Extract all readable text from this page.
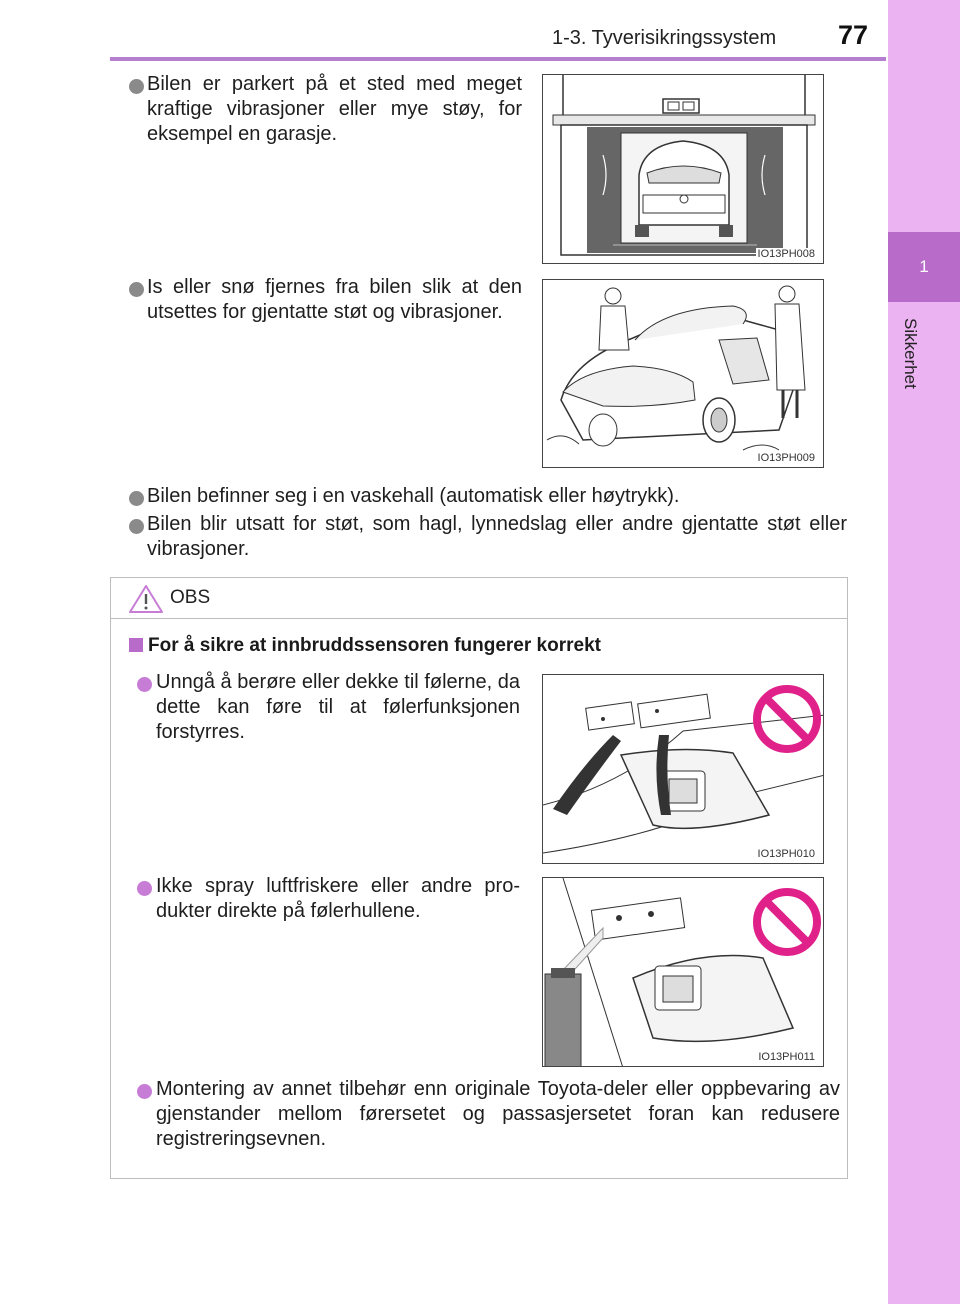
1-3. Tyverisikringssystem	77
1
Sikkerhet
Bilen er parkert på et sted med meget kraftige vibrasjoner eller mye støy, for eksempel en garasje.
IO13PH008
Is eller snø fjernes fra bilen slik at den utsettes for gjentatte støt og vibrasjoner.
IO13PH009
Bilen befinner seg i en vaskehall (automatisk eller høytrykk).
Bilen blir utsatt for støt, som hagl, lynnedslag eller andre gjentatte støt eller vibrasjoner.
OBS
For å sikre at innbruddssensoren fungerer korrekt
Unngå å berøre eller dekke til følerne, da dette kan føre til at følerfunksjonen forstyrres.
IO13PH010
Ikke spray luftfriskere eller andre pro-dukter direkte på følerhullene.
IO13PH011
Montering av annet tilbehør enn originale Toyota-deler eller oppbevaring av gjenstander mellom førersetet og passasjersetet foran kan redusere registreringsevnen.
